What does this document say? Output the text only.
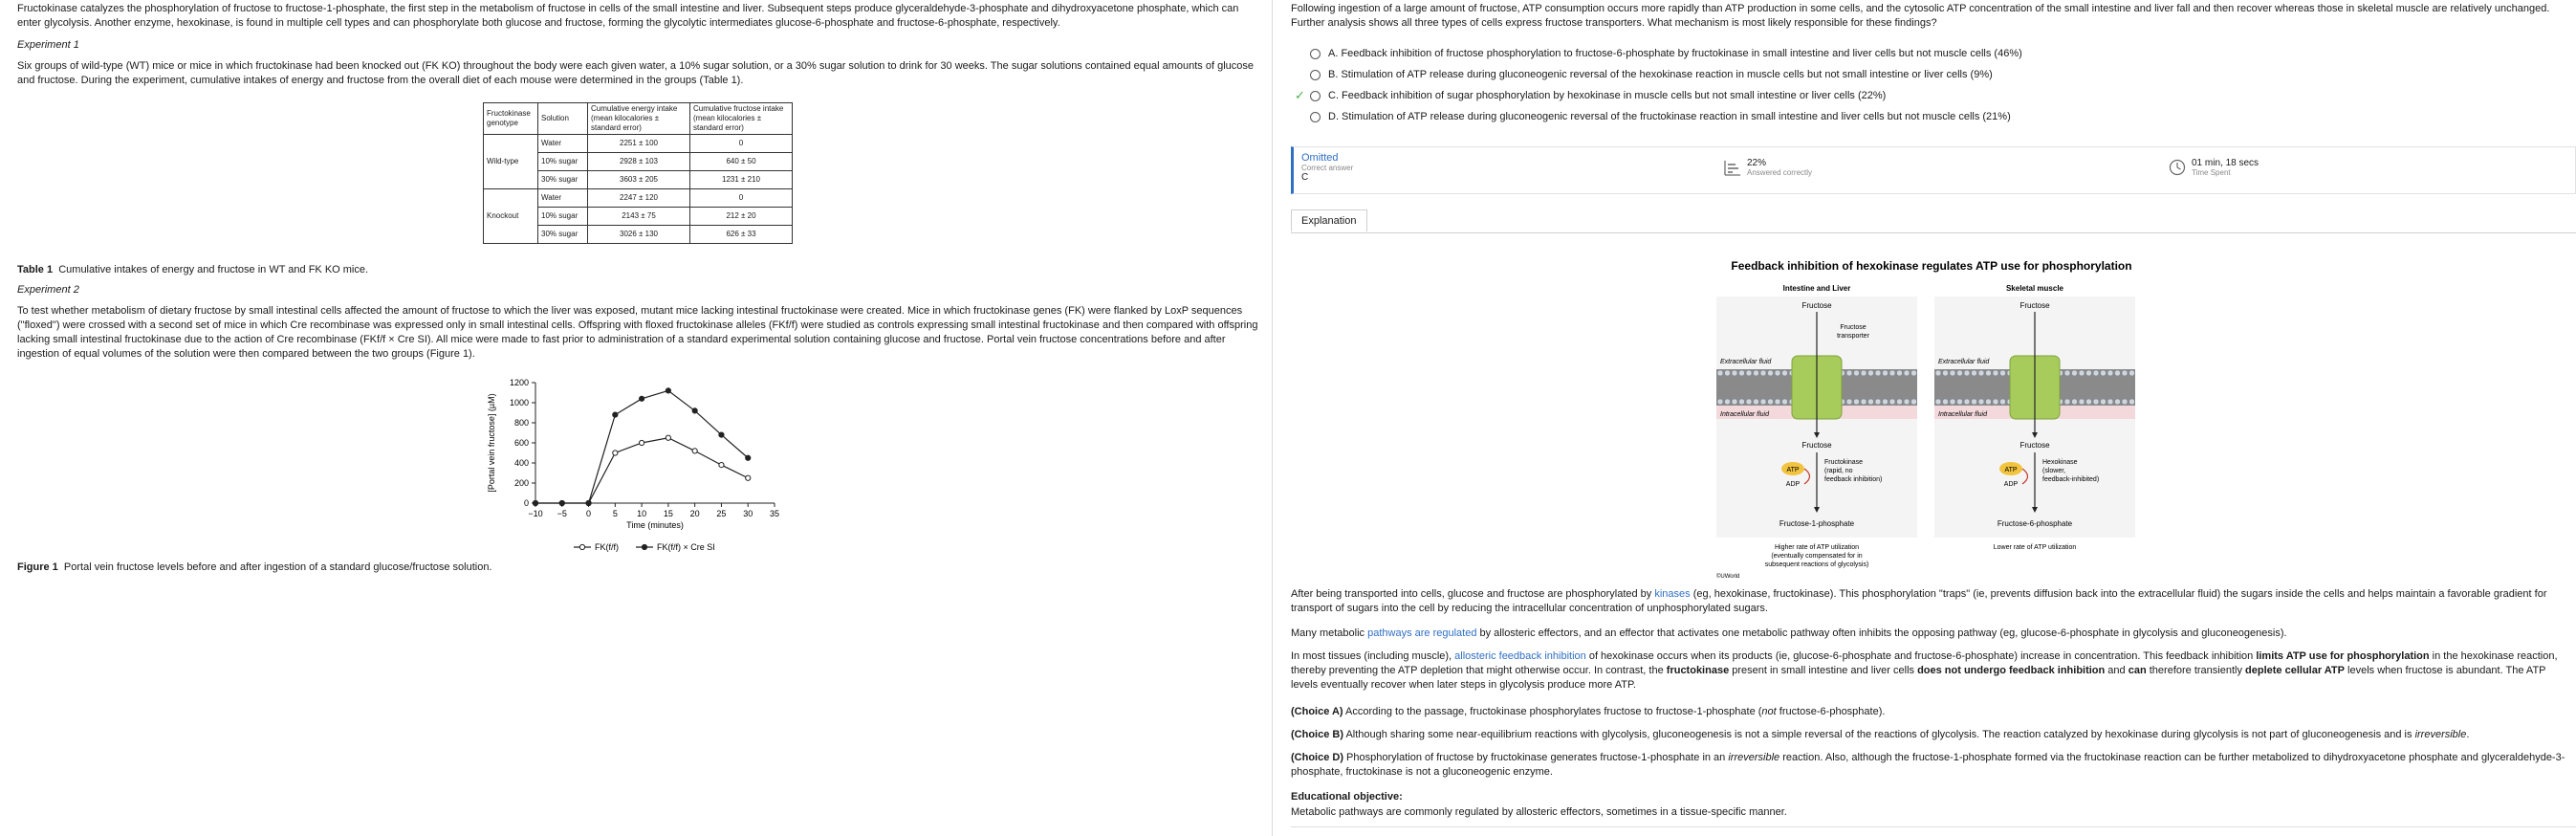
Fructokinase catalyzes the phosphorylation of fructose to fructose-1-phosphate, the first step in the metabolism of fructose in cells of the small intestine and liver. Subsequent steps produce glyceraldehyde-3-phosphate and dihydroxyacetone phosphate, which can enter glycolysis. Another enzyme, hexokinase, is found in multiple cell types and can phosphorylate both glucose and fructose, forming the glycolytic intermediates glucose-6-phosphate and fructose-6-phosphate, respectively.

Experiment 1

Six groups of wild-type (WT) mice or mice in which fructokinase had been knocked out (FK KO) throughout the body were each given water, a 10% sugar solution, or a 30% sugar solution to drink for 30 weeks. The sugar solutions contained equal amounts of glucose and fructose. During the experiment, cumulative intakes of energy and fructose from the overall diet of each mouse were determined in the groups (Table 1).

Fructokinase genotype	Solution	Cumulative energy intake (mean kilocalories ± standard error)	Cumulative fructose intake (mean kilocalories ± standard error)
Wild-type	Water	2251 ± 100	0
	10% sugar	2928 ± 103	640 ± 50
	30% sugar	3603 ± 205	1231 ± 210
Knockout	Water	2247 ± 120	0
	10% sugar	2143 ± 75	212 ± 20
	30% sugar	3026 ± 130	626 ± 33
Table 1 Cumulative intakes of energy and fructose in WT and FK KO mice.

Experiment 2

To test whether metabolism of dietary fructose by small intestinal cells affected the amount of fructose to which the liver was exposed, mutant mice lacking intestinal fructokinase were created. Mice in which fructokinase genes (FK) were flanked by LoxP sequences ("floxed") were crossed with a second set of mice in which Cre recombinase was expressed only in small intestinal cells. Offspring with floxed fructokinase alleles (FKf/f) were studied as controls expressing small intestinal fructokinase and then compared with offspring lacking small intestinal fructokinase due to the action of Cre recombinase (FKf/f × Cre SI). All mice were made to fast prior to administration of a standard experimental solution containing glucose and fructose. Portal vein fructose concentrations before and after ingestion of equal volumes of the solution were then compared between the two groups (Figure 1).

0
200
400
600
800
1000
1200
−10 −5 0	5 10 15 20 25 30 35
Time (minutes)
[Portal vein fructose] (µM)
FK(f/f)	FK(f/f) × Cre SI
Figure 1 Portal vein fructose levels before and after ingestion of a standard glucose/fructose solution.

Following ingestion of a large amount of fructose, ATP consumption occurs more rapidly than ATP production in some cells, and the cytosolic ATP concentration of the small intestine and liver fall and then recover whereas those in skeletal muscle are relatively unchanged. Further analysis shows all three types of cells express fructose transporters. What mechanism is most likely responsible for these findings?

A. Feedback inhibition of fructose phosphorylation to fructose-6-phosphate by fructokinase in small intestine and liver cells but not muscle cells (46%)
B. Stimulation of ATP release during gluconeogenic reversal of the hexokinase reaction in muscle cells but not small intestine or liver cells (9%)
✓ C. Feedback inhibition of sugar phosphorylation by hexokinase in muscle cells but not small intestine or liver cells (22%)
D. Stimulation of ATP release during gluconeogenic reversal of the fructokinase reaction in small intestine and liver cells but not muscle cells (21%)
Omitted
Correct answer
C
22%
Answered correctly
01 min, 18 secs
Time Spent
Explanation
Feedback inhibition of hexokinase regulates ATP use for phosphorylation
Intestine and Liver
Fructose
Extracellular fluid
Intracellular fluid
Fructose
transporter
Fructose
ATP
ADP
Fructokinase
(rapid, no
feedback inhibition)
Fructose-1-phosphate
Higher rate of ATP utilization
(eventually compensated for in
subsequent reactions of glycolysis)
Skeletal muscle
Fructose
Extracellular fluid
Intracellular fluid
Fructose
ATP
ADP
Hexokinase
(slower,
feedback-inhibited)
Fructose-6-phosphate
Lower rate of ATP utilization
©UWorld

After being transported into cells, glucose and fructose are phosphorylated by kinases (eg, hexokinase, fructokinase). This phosphorylation "traps" (ie, prevents diffusion back into the extracellular fluid) the sugars inside the cells and helps maintain a favorable gradient for transport of sugars into the cell by reducing the intracellular concentration of unphosphorylated sugars.

Many metabolic pathways are regulated by allosteric effectors, and an effector that activates one metabolic pathway often inhibits the opposing pathway (eg, glucose-6-phosphate in glycolysis and gluconeogenesis).

In most tissues (including muscle), allosteric feedback inhibition of hexokinase occurs when its products (ie, glucose-6-phosphate and fructose-6-phosphate) increase in concentration. This feedback inhibition limits ATP use for phosphorylation in the hexokinase reaction, thereby preventing the ATP depletion that might otherwise occur. In contrast, the fructokinase present in small intestine and liver cells does not undergo feedback inhibition and can therefore transiently deplete cellular ATP levels when fructose is abundant. The ATP levels eventually recover when later steps in glycolysis produce more ATP.

(Choice A) According to the passage, fructokinase phosphorylates fructose to fructose-1-phosphate (not fructose-6-phosphate).

(Choice B) Although sharing some near-equilibrium reactions with glycolysis, gluconeogenesis is not a simple reversal of the reactions of glycolysis. The reaction catalyzed by hexokinase during glycolysis is not part of gluconeogenesis and is irreversible.

(Choice D) Phosphorylation of fructose by fructokinase generates fructose-1-phosphate in an irreversible reaction. Also, although the fructose-1-phosphate formed via the fructokinase reaction can be further metabolized to dihydroxyacetone phosphate and glyceraldehyde-3-phosphate, fructokinase is not a gluconeogenic enzyme.

Educational objective:

Metabolic pathways are commonly regulated by allosteric effectors, sometimes in a tissue-specific manner.
